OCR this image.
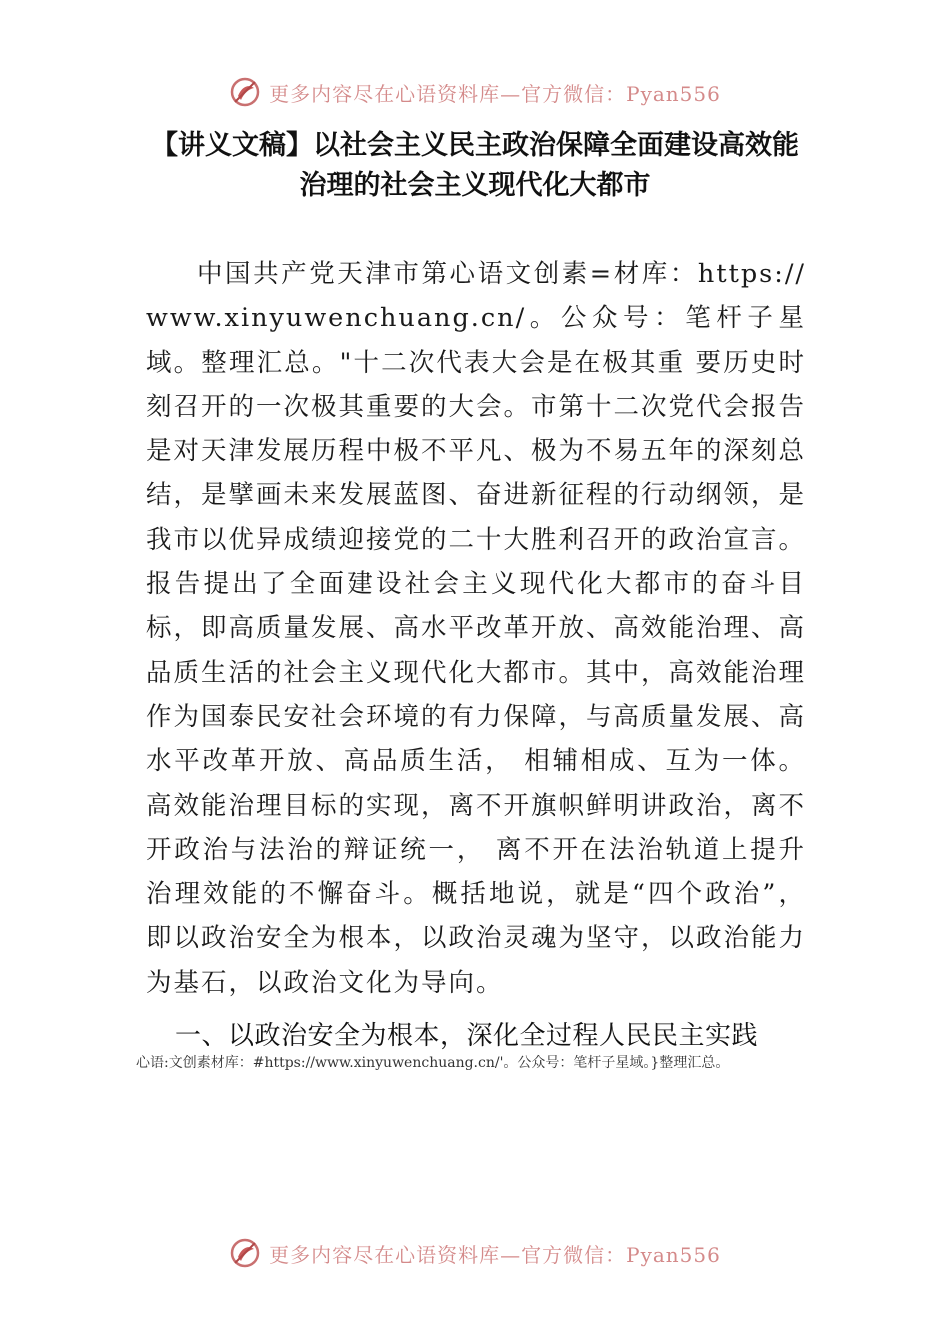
更多内容尽在心语资料库—官方微信：Pyan556
【讲义文稿】以社会主义民主政治保障全面建设高效能
治理的社会主义现代化大都市

中国共产党天津市第心语文创素=材库：https://www.xinyuwenchuang.cn/。公众号：笔杆子星域。整理汇总。"十二次代表大会是在极其重 要历史时刻召开的一次极其重要的大会。市第十二次党代会报告是对天津发展历程中极不平凡、极为不易五年的深刻总结，是擘画未来发展蓝图、奋进新征程的行动纲领，是我市以优异成绩迎接党的二十大胜利召开的政治宣言。报告提出了全面建设社会主义现代化大都市的奋斗目标，即高质量发展、高水平改革开放、高效能治理、高品质生活的社会主义现代化大都市。其中，高效能治理作为国泰民安社会环境的有力保障，与高质量发展、高水平改革开放、高品质生活， 相辅相成、互为一体。高效能治理目标的实现，离不开旗帜鲜明讲政治，离不开政治与法治的辩证统一， 离不开在法治轨道上提升治理效能的不懈奋斗。概括地说，就是“四个政治”，即以政治安全为根本，以政治灵魂为坚守，以政治能力为基石，以政治文化为导向。

一、以政治安全为根本，深化全过程人民民主实践
心语:文创素材库：#https://www.xinyuwenchuang.cn/'。公众号：笔杆子星域。}整理汇总。
更多内容尽在心语资料库—官方微信：Pyan556
